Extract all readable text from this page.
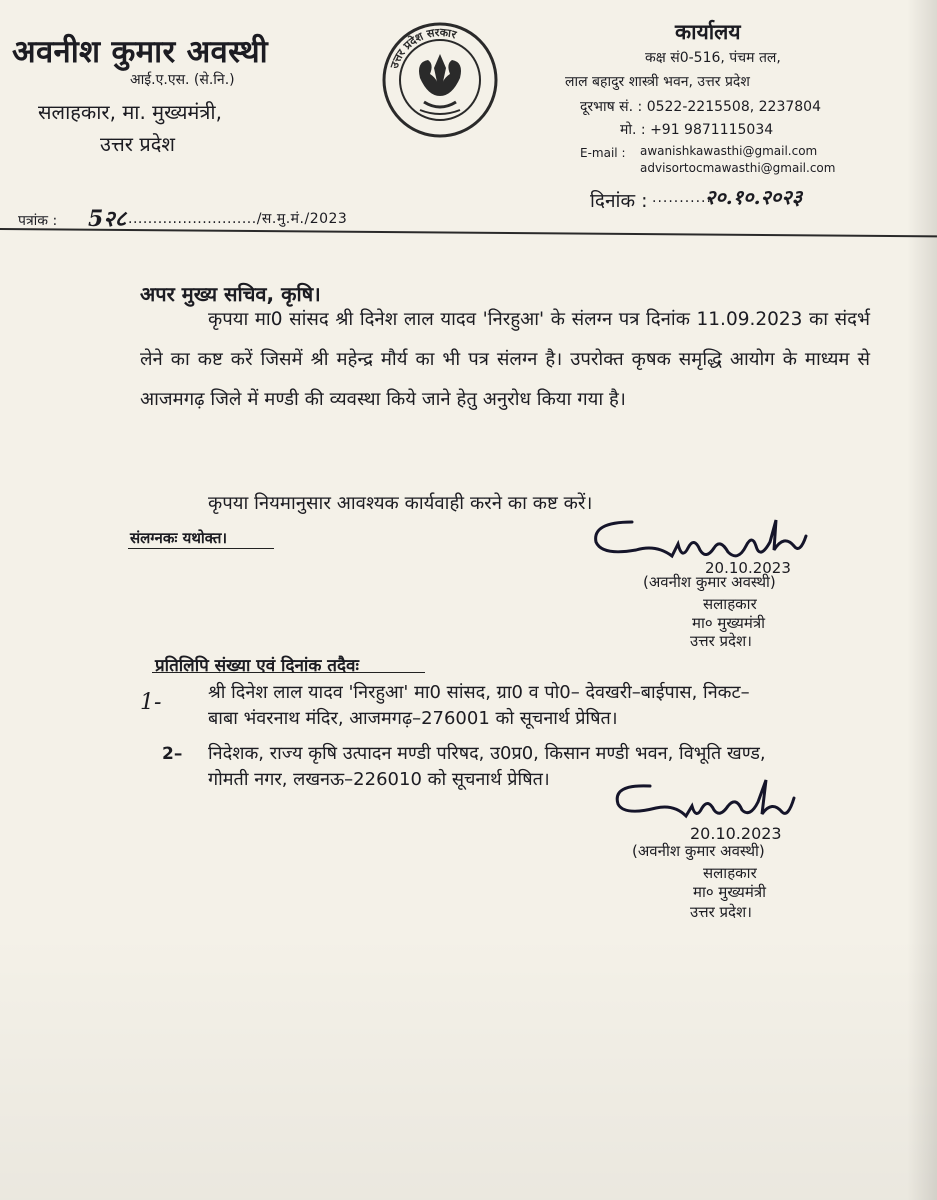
अवनीश कुमार अवस्थी
आई.ए.एस. (से.नि.)
सलाहकार, मा. मुख्यमंत्री,
उत्तर प्रदेश
उत्तर प्रदेश सरकार	कार्यालय
कक्ष सं0-516, पंचम तल,
लाल बहादुर शास्त्री भवन, उत्तर प्रदेश
दूरभाष सं. : 0522-2215508, 2237804
मो. : +91 9871115034
E-mail : awanishkawasthi@gmail.com
advisortocmawasthi@gmail.com
दिनांक : ...........
२०.१०.२०२३
पत्रांक : 5२८ ........................../स.मु.मं./2023
अपर मुख्य सचिव, कृषि।
कृपया मा0 सांसद श्री दिनेश लाल यादव 'निरहुआ' के संलग्न पत्र दिनांक 11.09.2023 का संदर्भ लेने का कष्ट करें जिसमें श्री महेन्द्र मौर्य का भी पत्र संलग्न है। उपरोक्त कृषक समृद्धि आयोग के माध्यम से आजमगढ़ जिले में मण्डी की व्यवस्था किये जाने हेतु अनुरोध किया गया है।
कृपया नियमानुसार आवश्यक कार्यवाही करने का कष्ट करें।
संलग्नकः यथोक्त।
20.10.2023
(अवनीश कुमार अवस्थी)
सलाहकार
मा० मुख्यमंत्री
उत्तर प्रदेश।
प्रतिलिपि संख्या एवं दिनांक तदैवः
1-	श्री दिनेश लाल यादव 'निरहुआ' मा0 सांसद, ग्रा0 व पो0– देवखरी–बाईपास, निकट–
बाबा भंवरनाथ मंदिर, आजमगढ़–276001 को सूचनार्थ प्रेषित।
2– निदेशक, राज्य कृषि उत्पादन मण्डी परिषद, उ0प्र0, किसान मण्डी भवन, विभूति खण्ड,
गोमती नगर, लखनऊ–226010 को सूचनार्थ प्रेषित।
20.10.2023
(अवनीश कुमार अवस्थी)
सलाहकार
मा० मुख्यमंत्री
उत्तर प्रदेश।
